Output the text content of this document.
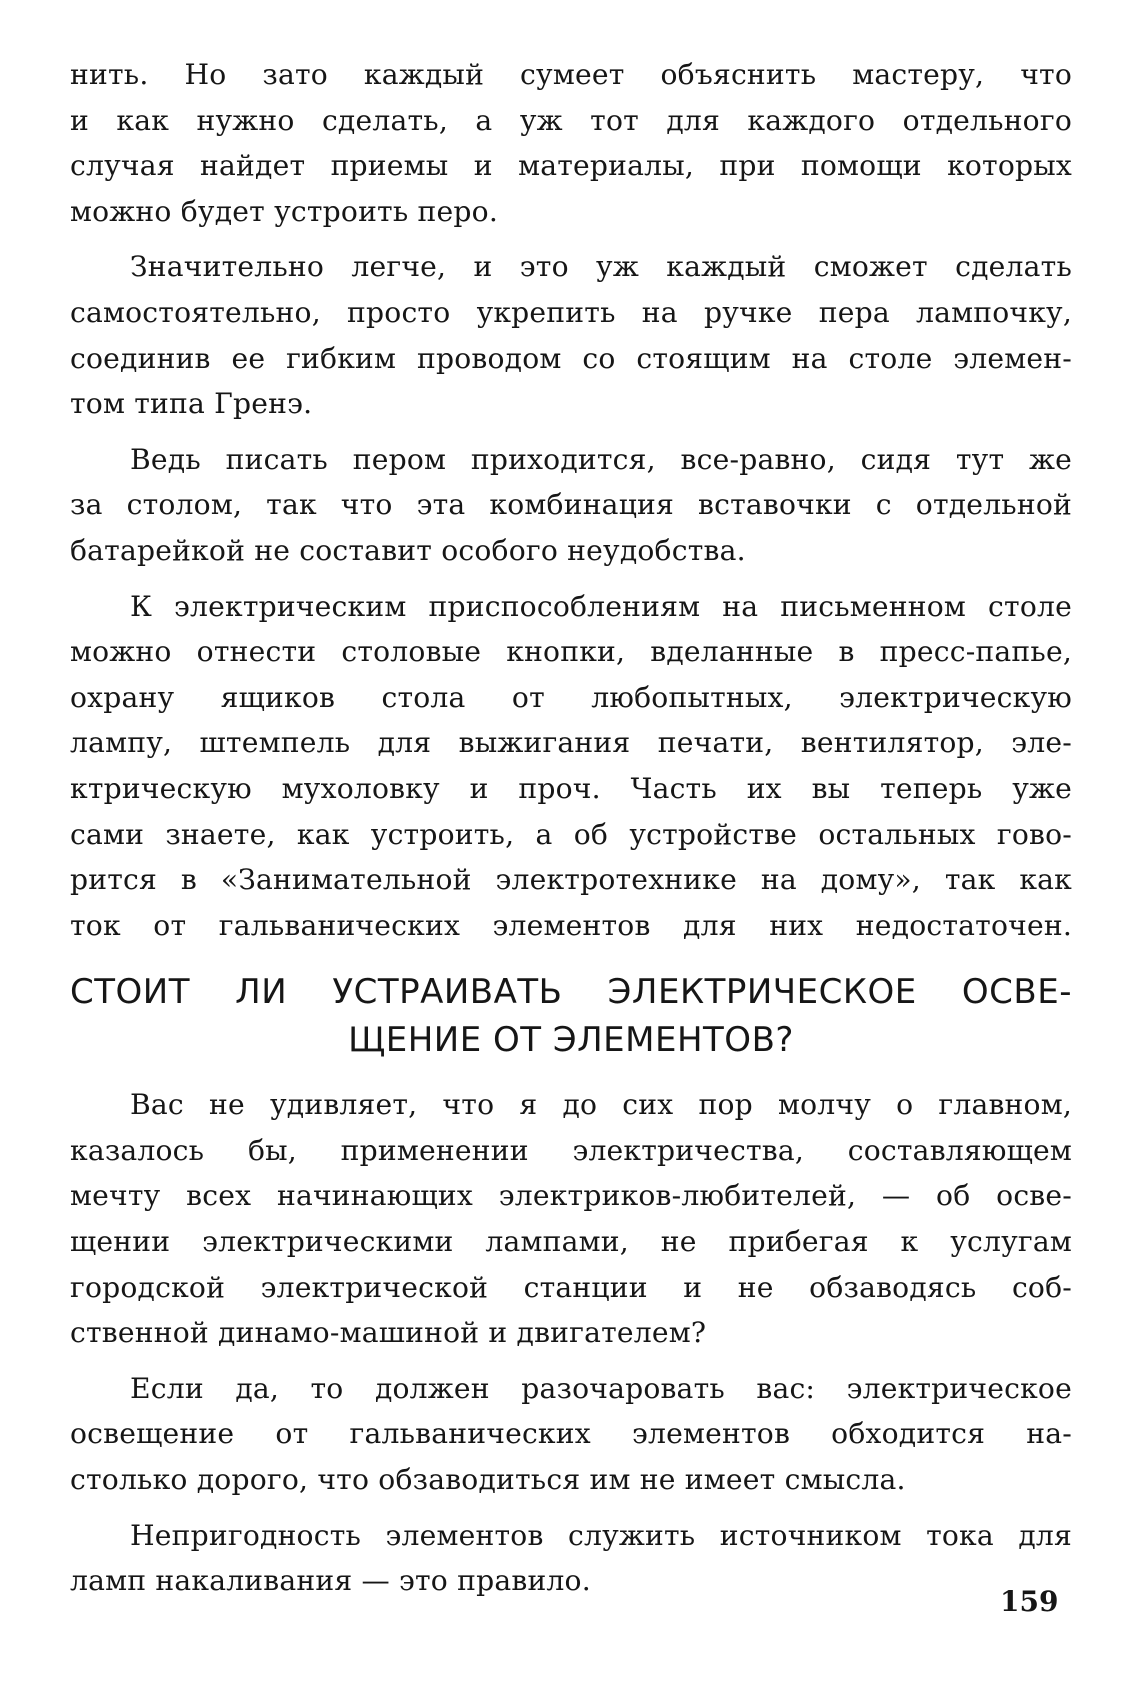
нить. Но зато каждый сумеет объяснить мастеру, что
и как нужно сделать, а уж тот для каждого отдельного
случая найдет приемы и материалы, при помощи которых
можно будет устроить перо.

Значительно легче, и это уж каждый сможет сделать
самостоятельно, просто укрепить на ручке пера лампочку,
соединив ее гибким проводом со стоящим на столе элемен-
том типа Гренэ.

Ведь писать пером приходится, все-равно, сидя тут же
за столом, так что эта комбинация вставочки с отдельной
батарейкой не составит особого неудобства.

К электрическим приспособлениям на письменном столе
можно отнести столовые кнопки, вделанные в пресс-папье,
охрану ящиков стола от любопытных, электрическую
лампу, штемпель для выжигания печати, вентилятор, эле-
ктрическую мухоловку и проч. Часть их вы теперь уже
сами знаете, как устроить, а об устройстве остальных гово-
рится в «Занимательной электротехнике на дому», так как
ток от гальванических элементов для них недостаточен.

СТОИТ ЛИ УСТРАИВАТЬ ЭЛЕКТРИЧЕСКОЕ ОСВЕ-
ЩЕНИЕ ОТ ЭЛЕМЕНТОВ?

Вас не удивляет, что я до сих пор молчу о главном,
казалось бы, применении электричества, составляющем
мечту всех начинающих электриков-любителей, — об осве-
щении электрическими лампами, не прибегая к услугам
городской электрической станции и не обзаводясь соб-
ственной динамо-машиной и двигателем?

Если да, то должен разочаровать вас: электрическое
освещение от гальванических элементов обходится на-
столько дорого, что обзаводиться им не имеет смысла.

Непригодность элементов служить источником тока для
ламп накаливания — это правило.

159
